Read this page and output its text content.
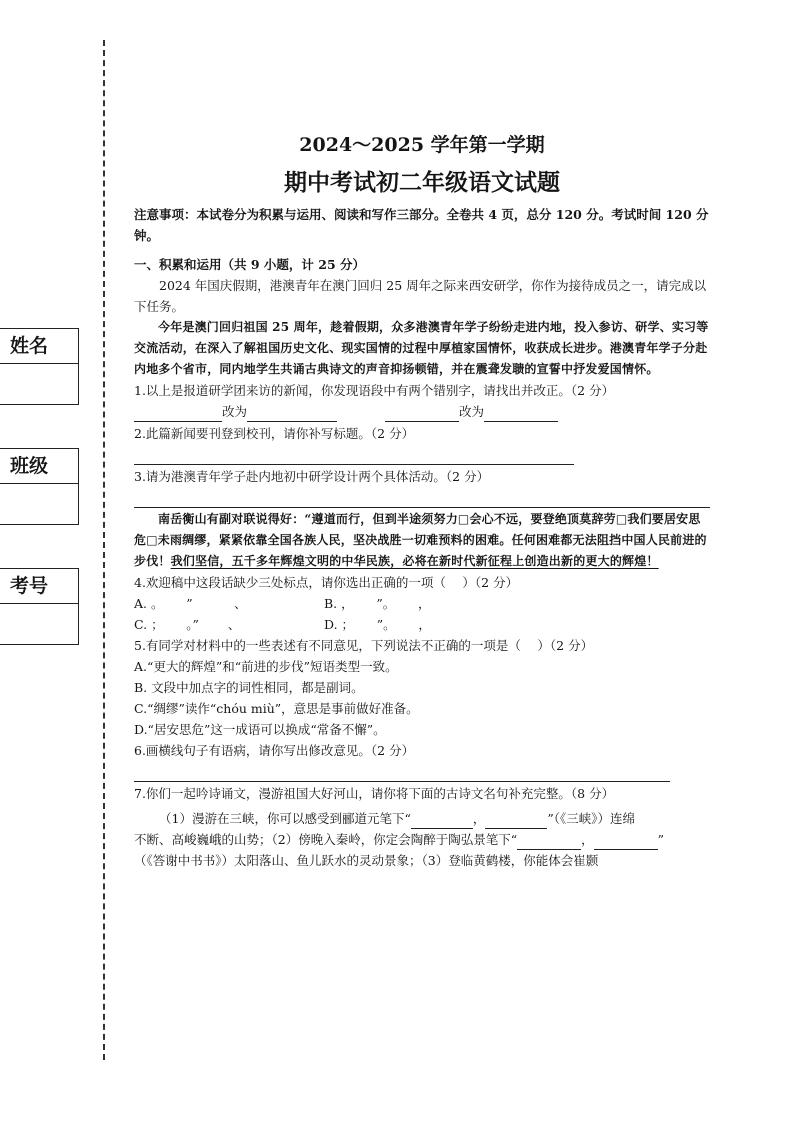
姓名
班级
考号
2024～2025 学年第一学期
期中考试初二年级语文试题
注意事项：本试卷分为积累与运用、阅读和写作三部分。全卷共 4 页，总分 120 分。考试时间 120 分钟。
一、积累和运用（共 9 小题，计 25 分）
2024 年国庆假期，港澳青年在澳门回归 25 周年之际来西安研学，你作为接待成员之一，请完成以下任务。
今年是澳门回归祖国 25 周年，趁着假期，众多港澳青年学子纷纷走进内地，投入参访、研学、实习等交流活动，在深入了解祖国历史文化、现实国情的过程中厚植家国情怀，收获成长进步。港澳青年学子分赴内地多个省市，同内地学生共诵古典诗文的声音抑扬顿错，并在震聋发聩的宣誓中抒发爱国情怀。
1.以上是报道研学团来访的新闻，你发现语段中有两个错别字，请找出并改正。（2 分）
改为	改为
2.此篇新闻要刊登到校刊，请你补写标题。（2 分）
3.请为港澳青年学子赴内地初中研学设计两个具体活动。（2 分）
南岳衡山有副对联说得好：“遵道而行，但到半途须努力□会心不远，要登绝顶莫辞劳□我们要居安思危□未雨绸缪，紧紧依靠全国各族人民，坚决战胜一切难预料的困难。任何困难都无法阻挡中国人民前进的步伐！我们坚信，五千多年辉煌文明的中华民族，必将在新时代新征程上创造出新的更大的辉煌！
4.欢迎稿中这段话缺少三处标点，请你选出正确的一项（　 ）（2 分）
A. 。　　 ”　　　 、	B. ，　　 ”。　　 ，
C. ；　　 。”　　 、	D. ；　　 ”。　　 ，
5.有同学对材料中的一些表述有不同意见，下列说法不正确的一项是（　 ）（2 分）
A.“更大的辉煌”和“前进的步伐”短语类型一致。
B. 文段中加点字的词性相同，都是副词。
C.“绸缪”读作“chóu miù”，意思是事前做好准备。
D.“居安思危”这一成语可以换成“常备不懈”。
6.画横线句子有语病，请你写出修改意见。（2 分）
7.你们一起吟诗诵文，漫游祖国大好河山，请你将下面的古诗文名句补充完整。（8 分）
（1）漫游在三峡，你可以感受到郦道元笔下“	，	”（《三峡》）连绵
不断、高峻巍峨的山势；（2）傍晚入秦岭，你定会陶醉于陶弘景笔下“	，	”
（《答谢中书书》）太阳落山、鱼儿跃水的灵动景象；（3）登临黄鹤楼，你能体会崔颢
